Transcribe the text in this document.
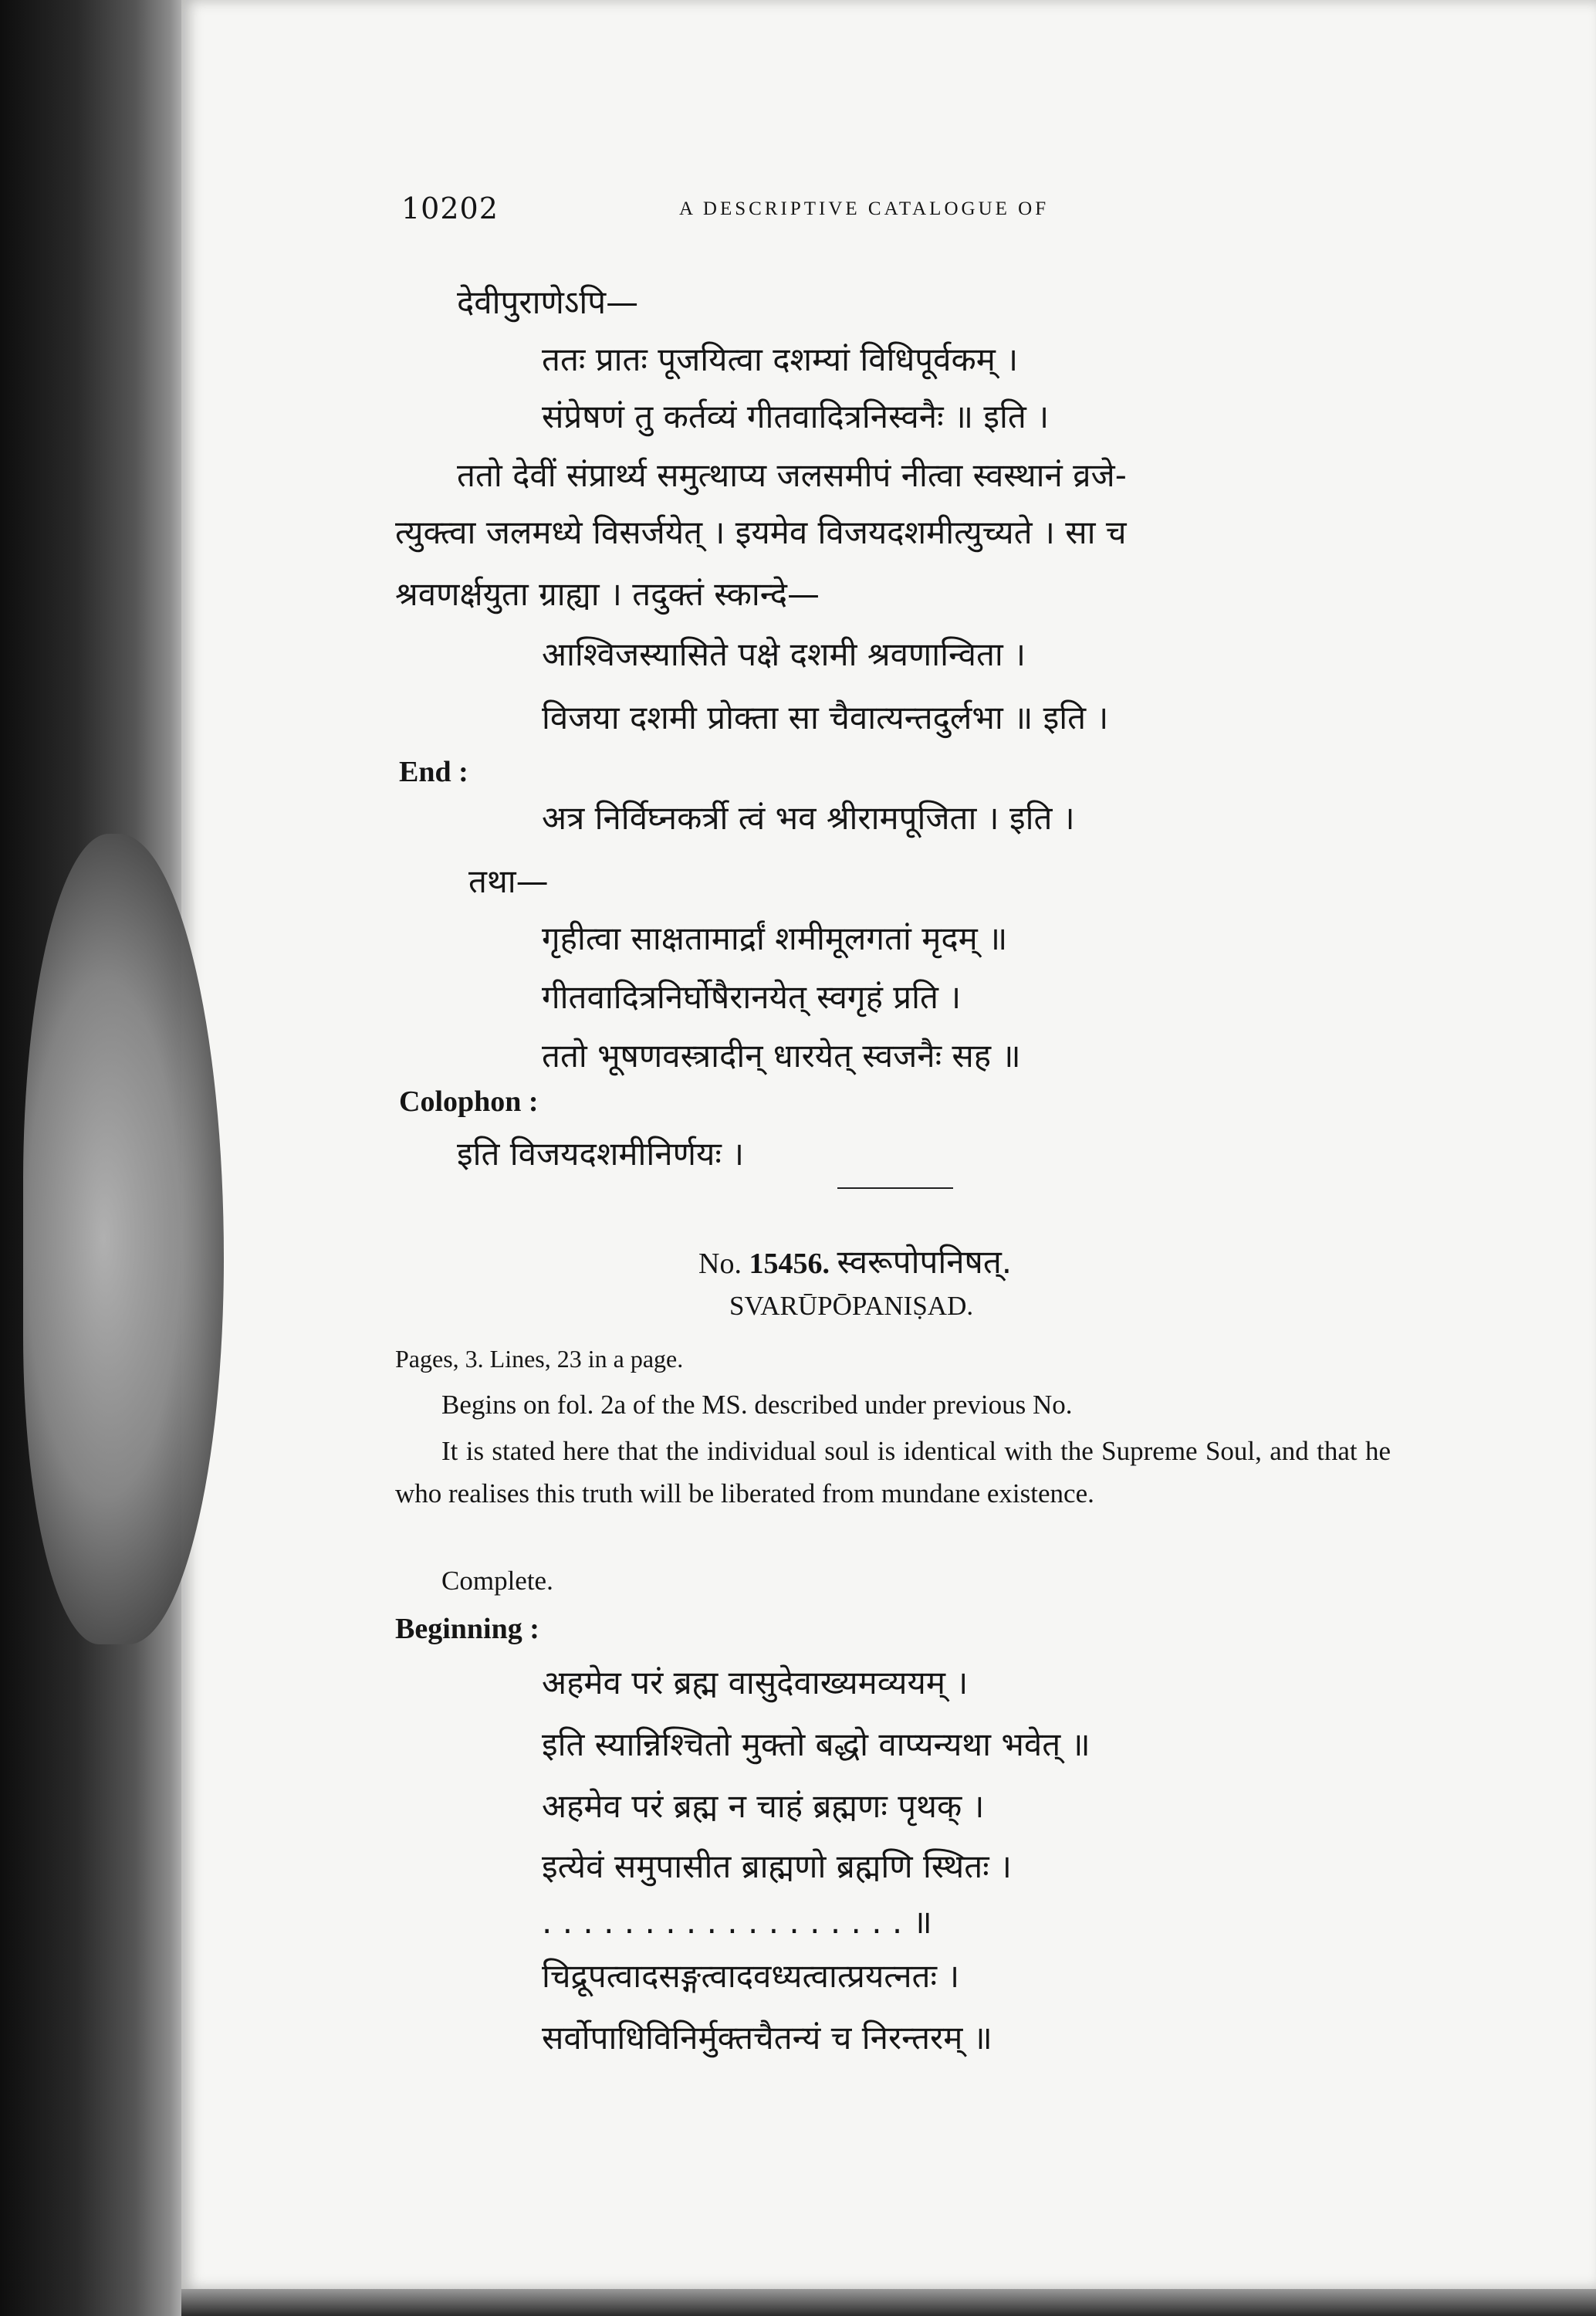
10202	A DESCRIPTIVE CATALOGUE OF
देवीपुराणेऽपि—
ततः प्रातः पूजयित्वा दशम्यां विधिपूर्वकम् ।
संप्रेषणं तु कर्तव्यं गीतवादित्रनिस्वनैः ॥ इति ।
ततो देवीं संप्रार्थ्य समुत्थाप्य जलसमीपं नीत्वा स्वस्थानं व्रजे-
त्युक्त्वा जलमध्ये विसर्जयेत् । इयमेव विजयदशमीत्युच्यते । सा च
श्रवणर्क्षयुता ग्राह्या । तदुक्तं स्कान्दे—
आश्विजस्यासिते पक्षे दशमी श्रवणान्विता ।
विजया दशमी प्रोक्ता सा चैवात्यन्तदुर्लभा ॥ इति ।
End :
अत्र निर्विघ्नकर्त्री त्वं भव श्रीरामपूजिता । इति ।
तथा—
गृहीत्वा साक्षतामार्द्रां शमीमूलगतां मृदम् ॥
गीतवादित्रनिर्घोषैरानयेत् स्वगृहं प्रति ।
ततो भूषणवस्त्रादीन् धारयेत् स्वजनैः सह ॥
Colophon :
इति विजयदशमीनिर्णयः ।
No. 15456. स्वरूपोपनिषत्.
SVARŪPŌPANIṢAD.
Pages, 3. Lines, 23 in a page.
Begins on fol. 2a of the MS. described under previous No.
It is stated here that the individual soul is identical with the Supreme Soul, and that he who realises this truth will be liberated from mundane existence.
Complete.
Beginning :
अहमेव परं ब्रह्म वासुदेवाख्यमव्ययम् ।
इति स्यान्निश्चितो मुक्तो बद्धो वाप्यन्यथा भवेत् ॥
अहमेव परं ब्रह्म न चाहं ब्रह्मणः पृथक् ।
इत्येवं समुपासीत ब्राह्मणो ब्रह्मणि स्थितः ।
. . . . . . . . . . . . . . . . . . ॥
चिद्रूपत्वादसङ्गत्वादवध्यत्वात्प्रयत्नतः ।
सर्वोपाधिविनिर्मुक्तचैतन्यं च निरन्तरम् ॥
